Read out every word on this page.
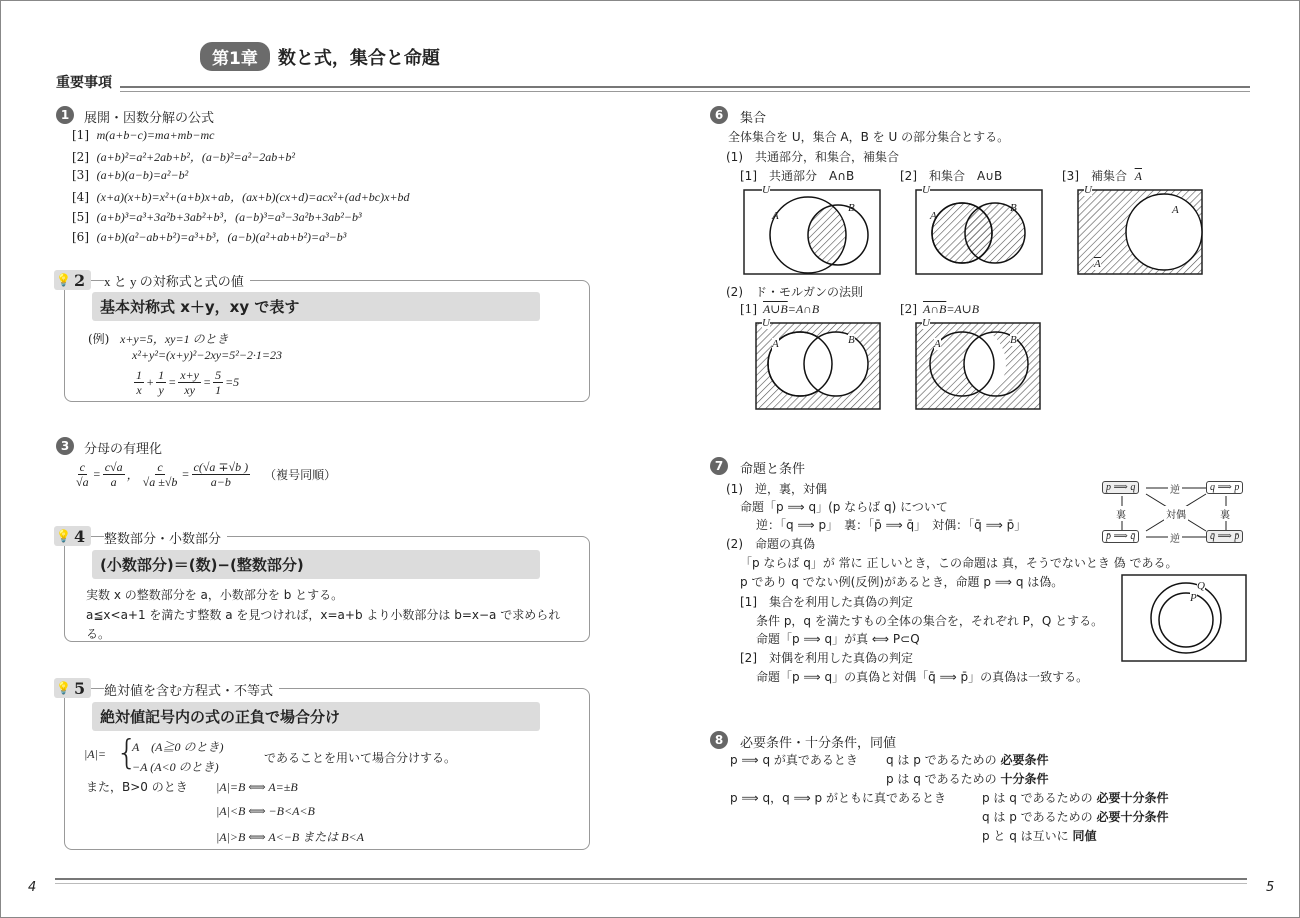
第1章	数と式，集合と命題
重要事項
1	展開・因数分解の公式
[1] m(a+b−c)=ma+mb−mc
[2] (a+b)²=a²+2ab+b²，(a−b)²=a²−2ab+b²
[3] (a+b)(a−b)=a²−b²
[4] (x+a)(x+b)=x²+(a+b)x+ab，(ax+b)(cx+d)=acx²+(ad+bc)x+bd
[5] (a+b)³=a³+3a²b+3ab²+b³，(a−b)³=a³−3a²b+3ab²−b³
[6] (a+b)(a²−ab+b²)=a³+b³，(a−b)(a²+ab+b²)=a³−b³
💡 2 x と y の対称式と式の値
基本対称式 x＋y，xy で表す
(例) x+y=5，xy=1 のとき
x²+y²=(x+y)²−2xy=5²−2·1=23
$\frac{1}{x} + \frac{1}{y} = \frac{x+y}{xy} = \frac{5}{1} =5$
3	分母の有理化
$\frac{c}{√a} = \frac{c√a}{a}$ ， $\frac{c}{√a \pm√b} = \frac{c(√a \mp√b )}{a-b}$ （複号同順）
💡 4 整数部分・小数部分
(小数部分)＝(数)−(整数部分)
実数 x の整数部分を a，小数部分を b とする。
a≦x<a+1 を満たす整数 a を見つければ，x=a+b より小数部分は b=x−a で求められ
る。
💡 5 絶対値を含む方程式・不等式
絶対値記号内の式の正負で場合分け
|A|= {
A　(A≧0 のとき)
−A (A<0 のとき)
であることを用いて場合分けする。
また，B>0 のとき |A|=B ⟺ A=±B
|A|<B ⟺ −B<A<B
|A|>B ⟺ A<−B または B<A
6	集合
全体集合を U，集合 A，B を U の部分集合とする。
(1)　共通部分，和集合，補集合
[1]　共通部分　A∩B	[2]　和集合　A∪B	[3]　補集合 $\overline{A}$
U
A
B
U
A
B
U
A
$\overline{A}$
(2)　ド・モルガンの法則
[1] A∪B=A∩B	[2] A∩B=A∪B
U
A	B
U
A	B
7	命題と条件
(1)　逆，裏，対偶
命題「p ⟹ q」(p ならば q) について
逆：「q ⟹ p」　裏：「p̄ ⟹ q̄」　対偶：「q̄ ⟹ p̄」
(2)　命題の真偽
「p ならば q」が 常に 正しいとき，この命題は 真，そうでないとき 偽 である。
p であり q でない例(反例)があるとき，命題 p ⟹ q は偽。
[1]　集合を利用した真偽の判定
条件 p，q を満たすもの全体の集合を，それぞれ P，Q とする。
命題「p ⟹ q」が真 ⟺ P⊂Q
[2]　対偶を利用した真偽の判定
命題「p ⟹ q」の真偽と対偶「q̄ ⟹ p̄」の真偽は一致する。
p ⟹ q	q ⟹ p
p̄ ⟹ q̄	q̄ ⟹ p̄
逆
逆
裏	裏
対偶
Q
P
8	必要条件・十分条件，同値
p ⟹ q が真であるとき q は p であるための 必要条件
p は q であるための 十分条件
p ⟹ q，q ⟹ p がともに真であるとき	p は q であるための 必要十分条件
q は p であるための 必要十分条件
p と q は互いに 同値
4	5
